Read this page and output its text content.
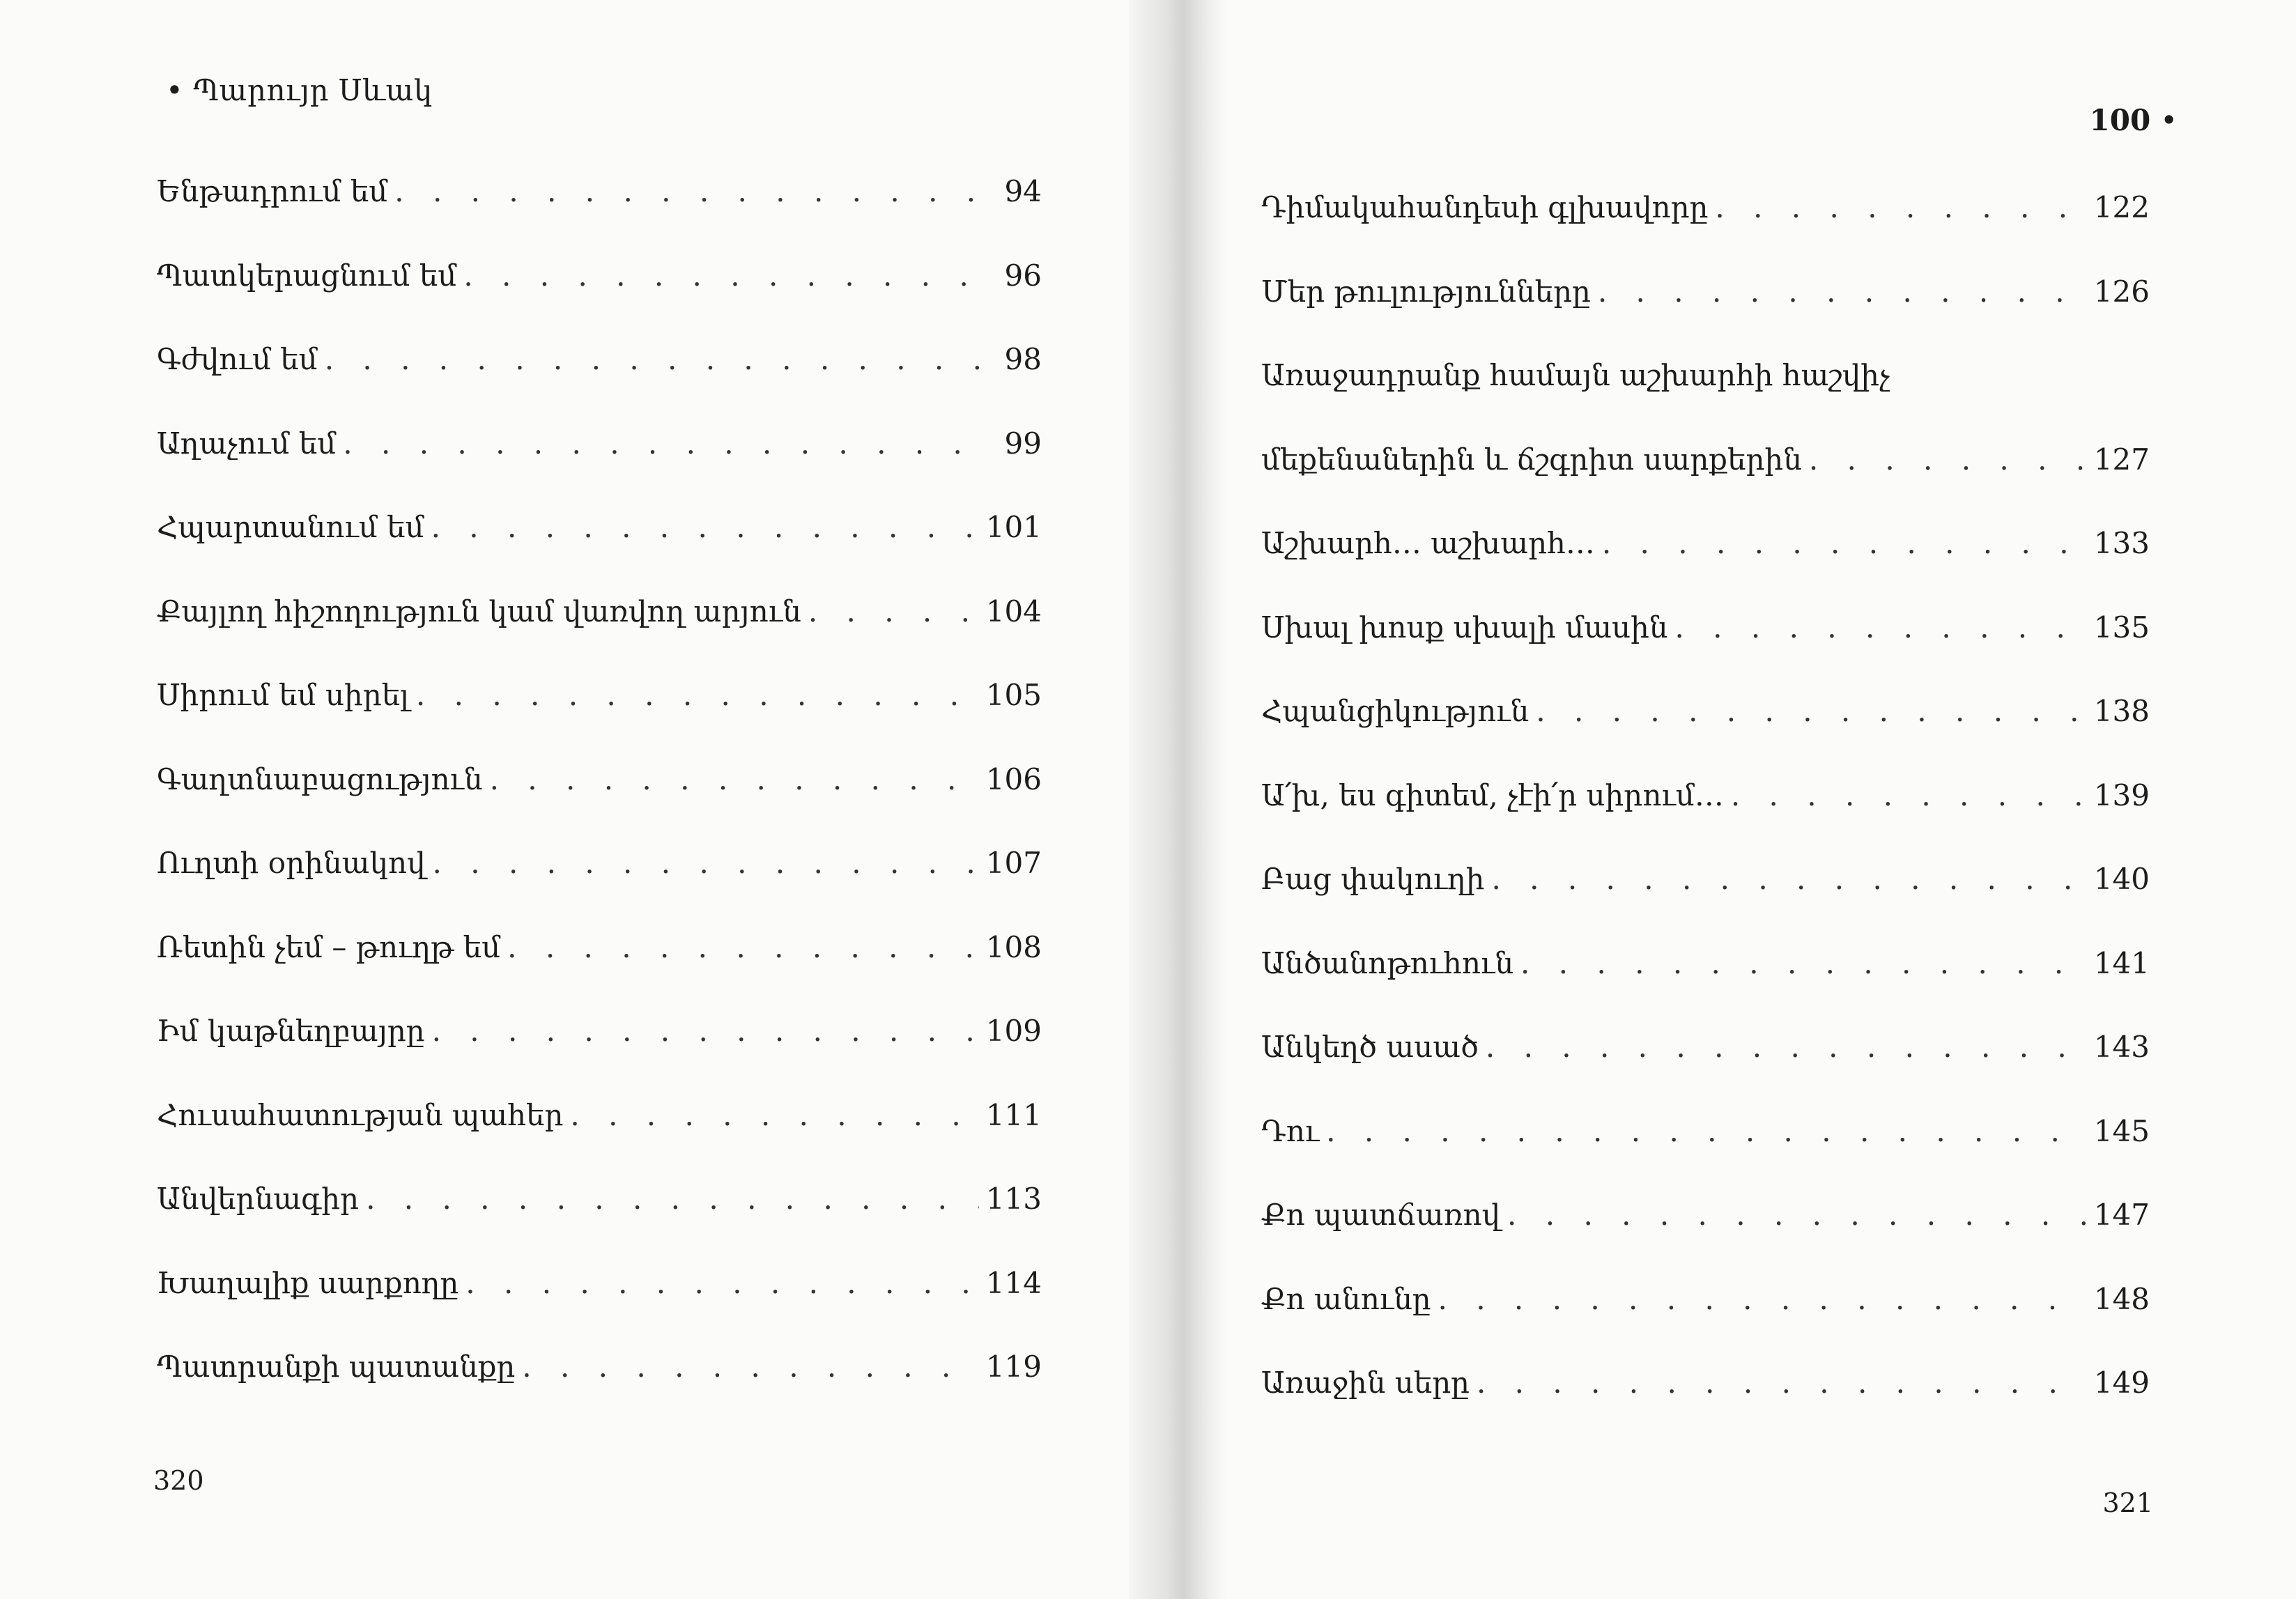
• Պարույր Սևակ
Ենթադրում եմ . . .	94
Պատկերացնում եմ . . .	96
Գժվում եմ . . .	98
Աղաչում եմ . . .	99
Հպարտանում եմ . . .	101
Քայլող հիշողություն կամ վառվող արյուն . . .	104
Սիրում եմ սիրել . . .	105
Գաղտնաբացություն . . .	106
Ուղտի օրինակով . . .	107
Ռետին չեմ – թուղթ եմ . . .	108
Իմ կաթնեղբայրը . . .	109
Հուսահատության պահեր . . .	111
Անվերնագիր . . .	113
Խաղալիք սարքողը . . .	114
Պատրանքի պատանքը . . .	119
320
100 •
Դիմակահանդեսի գլխավորը . . .	122
Մեր թուլությունները . . .	126
Առաջադրանք համայն աշխարհի հաշվիչ
մեքենաներին և ճշգրիտ սարքերին . . .	127
Աշխարհ… աշխարհ… . . .	133
Սխալ խոսք սխալի մասին . . .	135
Հպանցիկություն . . .	138
Ա՛խ, ես գիտեմ, չէի՛ր սիրում… . . .	139
Բաց փակուղի . . .	140
Անծանոթուհուն . . .	141
Անկեղծ ասած . . .	143
Դու . . .	145
Քո պատճառով . . .	147
Քո անունը . . .	148
Առաջին սերը . . .	149
321
